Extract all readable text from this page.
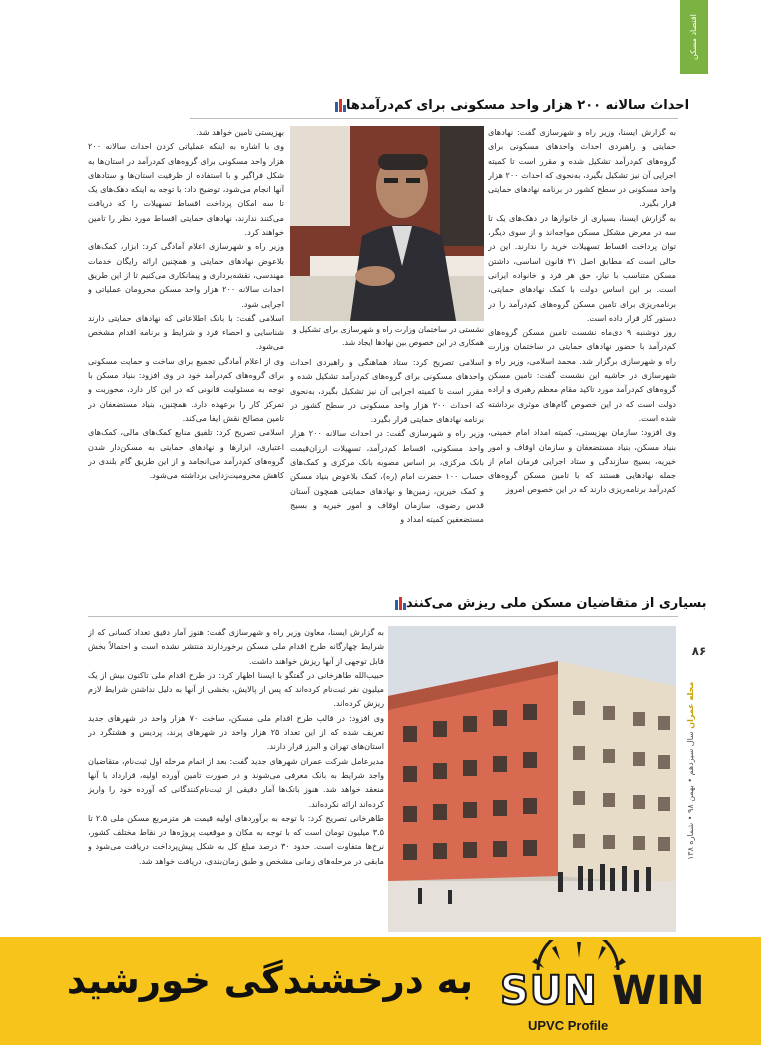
اقتصاد مسکن
مجله عمران سال سیزدهم • بهمن ۹۸ • شماره ۱۳۸
۸۶
احداث سالانه ۲۰۰ هزار واحد مسکونی برای کم‌درآمدها

به گزارش ایسنا، وزیر راه و شهرسازی گفت: نهادهای حمایتی و راهبردی احداث واحدهای مسکونی برای گروه‌های کم‌درآمد تشکیل شده و مقرر است تا کمیته اجرایی آن نیز تشکیل بگیرد، به‌نحوی که احداث ۲۰۰ هزار واحد مسکونی در سطح کشور در برنامه نهادهای حمایتی قرار بگیرد.

به گزارش ایسنا، بسیاری از خانوارها در دهک‌های یک تا سه در معرض مشکل مسکن مواجه‌اند و از سوی دیگر، توان پرداخت اقساط تسهیلات خرید را ندارند. این در حالی است که مطابق اصل ۳۱ قانون اساسی، داشتن مسکن متناسب با نیاز، حق هر فرد و خانواده ایرانی است. بر این اساس دولت با کمک نهادهای حمایتی، برنامه‌ریزی برای تامین مسکن گروه‌های کم‌درآمد را در دستور کار قرار داده است.

روز دوشنبه ۹ دی‌ماه نشست تامین مسکن گروه‌های کم‌درآمد با حضور نهادهای حمایتی در ساختمان وزارت راه و شهرسازی برگزار شد. محمد اسلامی، وزیر راه و شهرسازی در حاشیه این نشست گفت: تامین مسکن گروه‌های کم‌درآمد مورد تاکید مقام معظم رهبری و اراده دولت است که در این خصوص گام‌های موثری برداشته شده است.

وی افزود: سازمان بهزیستی، کمیته امداد امام خمینی، بنیاد مسکن، بنیاد مستضعفان و سازمان اوقاف و امور خیریه، بسیج سازندگی و ستاد اجرایی فرمان امام از جمله نهادهایی هستند که با تامین مسکن گروه‌های کم‌درآمد برنامه‌ریزی دارند که در این خصوص امروز

نشستی در ساختمان وزارت راه و شهرسازی برای تشکیل و همکاری در این خصوص بین نهادها ایجاد شد.

اسلامی تصریح کرد: ستاد هماهنگی و راهبردی احداث واحدهای مسکونی برای گروه‌های کم‌درآمد تشکیل شده و مقرر است تا کمیته اجرایی آن نیز تشکیل بگیرد، به‌نحوی که احداث ۲۰۰ هزار واحد مسکونی در سطح کشور در برنامه نهادهای حمایتی قرار بگیرد.

وزیر راه و شهرسازی گفت: در احداث سالانه ۲۰۰ هزار واحد مسکونی، اقساط کم‌درآمد، تسهیلات ارزان‌قیمت بانک مرکزی، بر اساس مصوبه بانک مرکزی و کمک‌های حساب ۱۰۰ حضرت امام (ره)، کمک بلاعوض بنیاد مسکن و کمک خیرین، زمین‌ها و نهادهای حمایتی همچون آستان قدس رضوی، سازمان اوقاف و امور خیریه و بسیج مستضعفین کمیته امداد و

بهزیستی تامین خواهد شد.

وی با اشاره به اینکه عملیاتی کردن احداث سالانه ۲۰۰ هزار واحد مسکونی برای گروه‌های کم‌درآمد در استان‌ها به شکل فراگیر و با استفاده از ظرفیت استان‌ها و ستادهای آنها انجام می‌شود، توضیح داد: با توجه به اینکه دهک‌های یک تا سه امکان پرداخت اقساط تسهیلات را که دریافت می‌کنند ندارند، نهادهای حمایتی اقساط مورد نظر را تامین خواهند کرد.

وزیر راه و شهرسازی اعلام آمادگی کرد: ابزار، کمک‌های بلاعوض نهادهای حمایتی و همچنین ارائه رایگان خدمات مهندسی، نقشه‌برداری و پیمانکاری می‌کنیم تا از این طریق احداث سالانه ۲۰۰ هزار واحد مسکن محرومان عملیاتی و اجرایی شود.

اسلامی گفت: با بانک اطلاعاتی که نهادهای حمایتی دارند شناسایی و احصاء فرد و شرایط و برنامه اقدام مشخص می‌شود.

وی از اعلام آمادگی تجمیع برای ساخت و حمایت مسکونی برای گروه‌های کم‌درآمد خود در وی افزود: بنیاد مسکن با توجه به مسئولیت قانونی که در این کار دارد، محوریت و تمرکز کار را برعهده دارد. همچنین، بنیاد مستضعفان در تامین مصالح نقش ایفا می‌کند.

اسلامی تصریح کرد: تلفیق منابع کمک‌های مالی، کمک‌های اعتباری، ابزارها و نهادهای حمایتی به مسکن‌دار شدن گروه‌های کم‌درآمد می‌انجامد و از این طریق گام بلندی در کاهش محرومیت‌زدایی برداشته می‌شود.

بسیاری از متقاضیان مسکن ملی ریزش می‌کنند

به گزارش ایسنا، معاون وزیر راه و شهرسازی گفت: هنوز آمار دقیق تعداد کسانی که از شرایط چهارگانه طرح اقدام ملی مسکن برخوردارند منتشر نشده است و احتمالاً بخش قابل توجهی از آنها ریزش خواهند داشت.

حبیب‌الله طاهرخانی در گفتگو با ایسنا اظهار کرد: در طرح اقدام ملی تاکنون بیش از یک میلیون نفر ثبت‌نام کرده‌اند که پس از پالایش، بخشی از آنها به دلیل نداشتن شرایط لازم ریزش کرده‌اند.

وی افزود: در قالب طرح اقدام ملی مسکن، ساخت ۷۰ هزار واحد در شهرهای جدید تعریف شده که از این تعداد ۲۵ هزار واحد در شهرهای پرند، پردیس و هشتگرد در استان‌های تهران و البرز قرار دارند.

مدیرعامل شرکت عمران شهرهای جدید گفت: بعد از اتمام مرحله اول ثبت‌نام، متقاضیان واجد شرایط به بانک معرفی می‌شوند و در صورت تامین آورده اولیه، قرارداد با آنها منعقد خواهد شد. هنوز بانک‌ها آمار دقیقی از ثبت‌نام‌کنندگانی که آورده خود را واریز کرده‌اند ارائه نکرده‌اند.

طاهرخانی تصریح کرد: با توجه به برآوردهای اولیه قیمت هر مترمربع مسکن ملی ۲.۵ تا ۳.۵ میلیون تومان است که با توجه به مکان و موقعیت پروژه‌ها در نقاط مختلف کشور، نرخ‌ها متفاوت است. حدود ۳۰ درصد مبلغ کل به شکل پیش‌پرداخت دریافت می‌شود و مابقی در مرحله‌های زمانی مشخص و طبق زمان‌بندی، دریافت خواهد شد.

به درخشندگی خورشید SUN WIN
UPVC Profile
